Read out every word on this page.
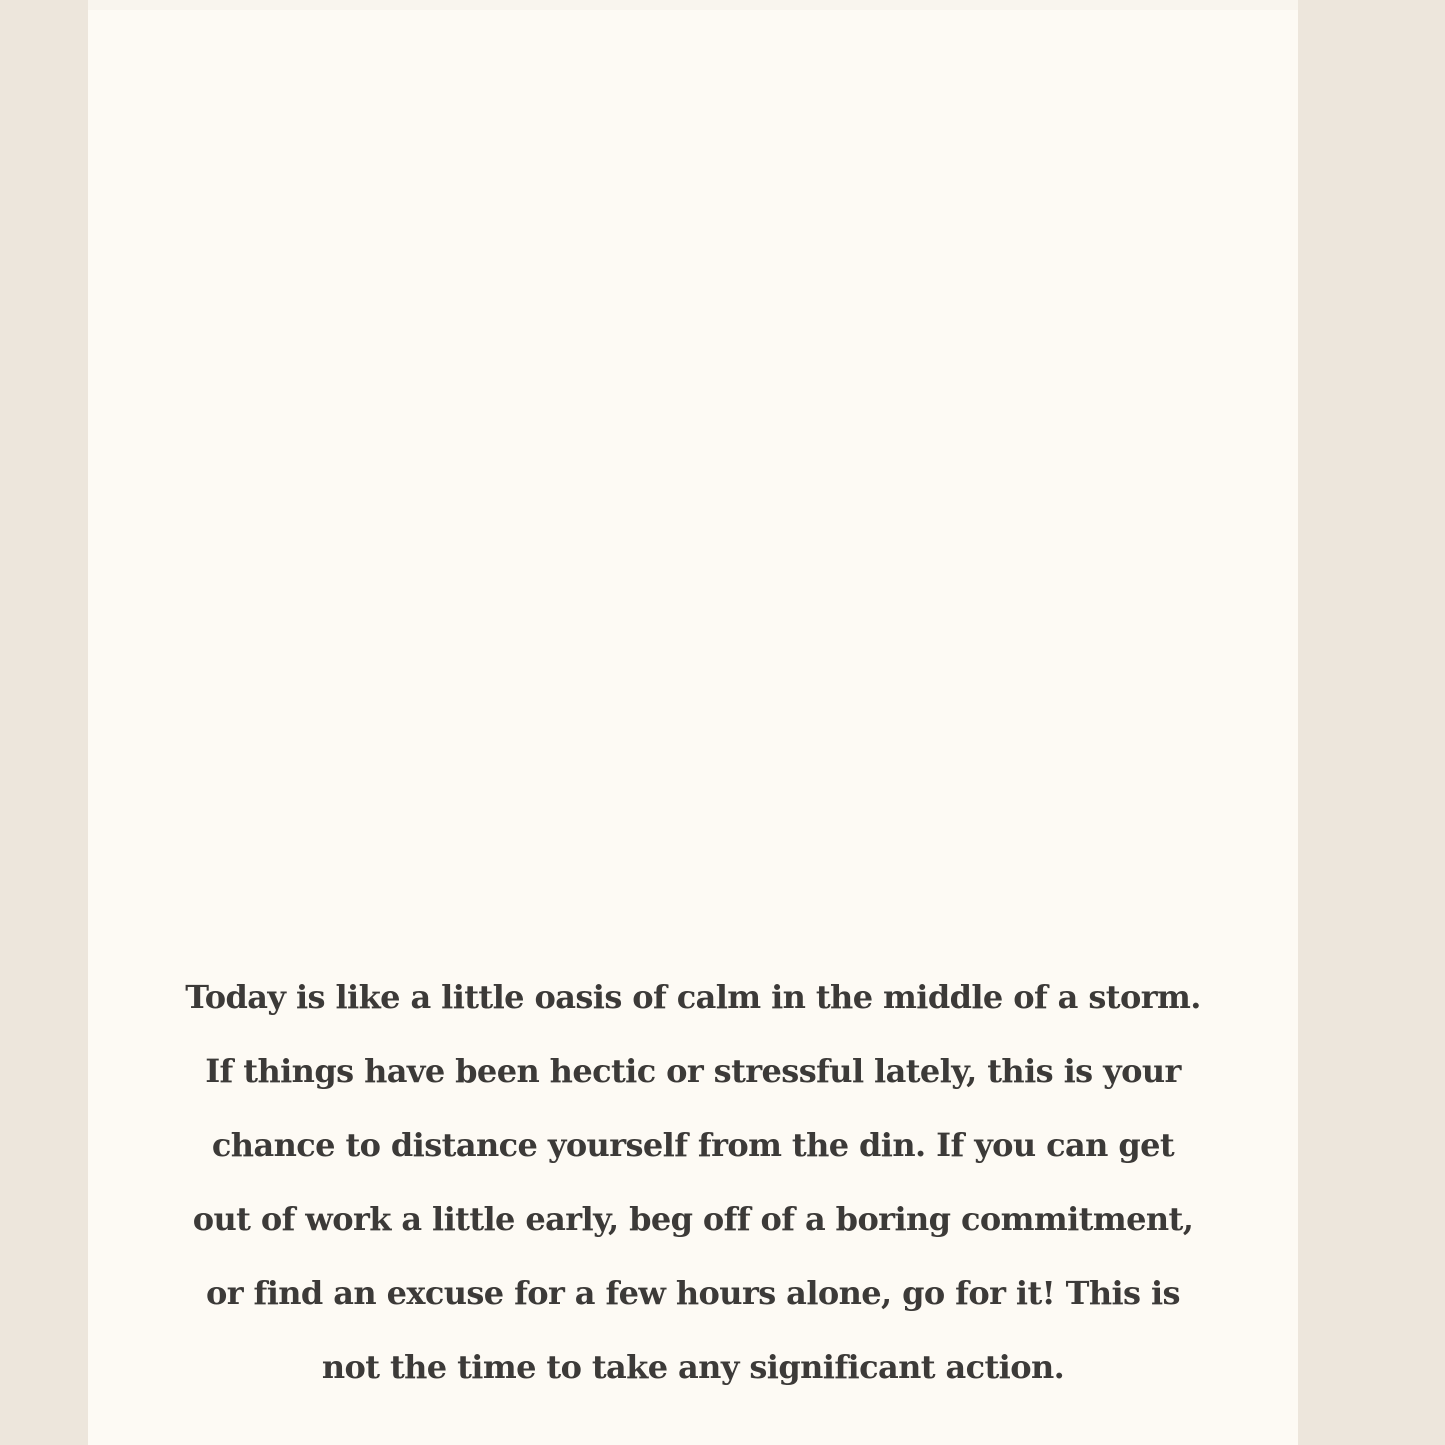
Today is like a little oasis of calm in the middle of a storm.
If things have been hectic or stressful lately, this is your
chance to distance yourself from the din. If you can get
out of work a little early, beg off of a boring commitment,
or find an excuse for a few hours alone, go for it! This is
not the time to take any significant action.
